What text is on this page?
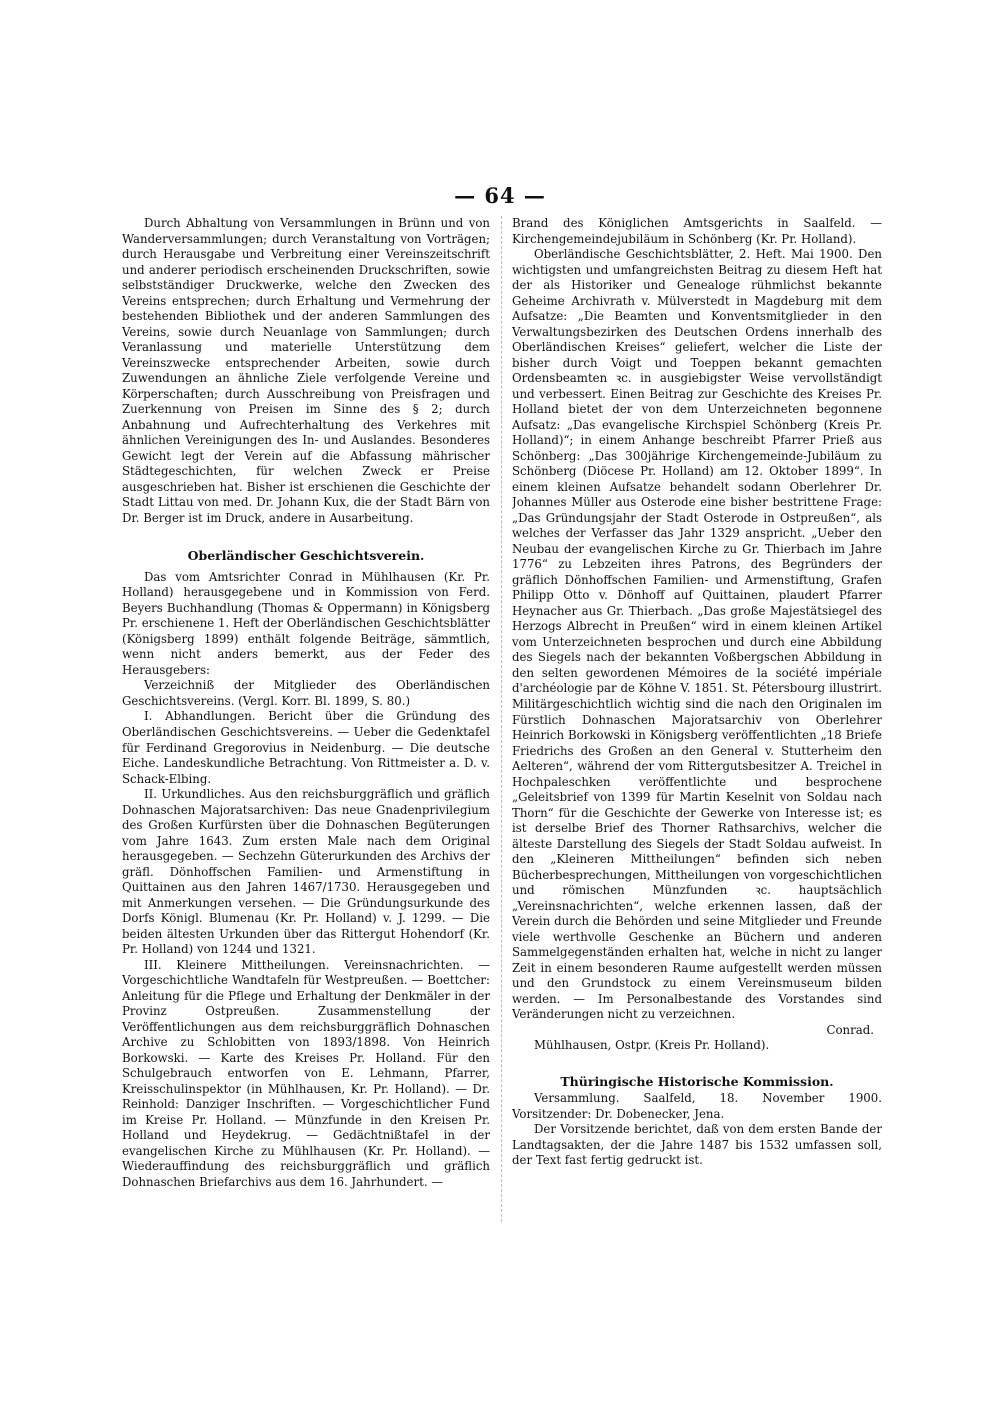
— 64 —

Durch Abhaltung von Versammlungen in Brünn und von Wanderversammlungen; durch Veranstaltung von Vorträgen; durch Herausgabe und Verbreitung einer Vereinszeitschrift und anderer periodisch erscheinenden Druckschriften, sowie selbstständiger Druckwerke, welche den Zwecken des Vereins entsprechen; durch Erhaltung und Vermehrung der bestehenden Bibliothek und der anderen Sammlungen des Vereins, sowie durch Neuanlage von Sammlungen; durch Veranlassung und materielle Unterstützung dem Vereinszwecke entsprechender Arbeiten, sowie durch Zuwendungen an ähnliche Ziele verfolgende Vereine und Körperschaften; durch Ausschreibung von Preisfragen und Zuerkennung von Preisen im Sinne des § 2; durch Anbahnung und Aufrechterhaltung des Verkehres mit ähnlichen Vereinigungen des In- und Auslandes. Besonderes Gewicht legt der Verein auf die Abfassung mährischer Städtegeschichten, für welchen Zweck er Preise ausgeschrieben hat. Bisher ist erschienen die Geschichte der Stadt Littau von med. Dr. Johann Kux, die der Stadt Bärn von Dr. Berger ist im Druck, andere in Ausarbeitung.

Oberländischer Geschichtsverein.

Das vom Amtsrichter Conrad in Mühlhausen (Kr. Pr. Holland) herausgegebene und in Kommission von Ferd. Beyers Buchhandlung (Thomas & Oppermann) in Königsberg Pr. erschienene 1. Heft der Oberländischen Geschichtsblätter (Königsberg 1899) enthält folgende Beiträge, sämmtlich, wenn nicht anders bemerkt, aus der Feder des Herausgebers:

Verzeichniß der Mitglieder des Oberländischen Geschichtsvereins. (Vergl. Korr. Bl. 1899, S. 80.)

I. Abhandlungen. Bericht über die Gründung des Oberländischen Geschichtsvereins. — Ueber die Gedenktafel für Ferdinand Gregorovius in Neidenburg. — Die deutsche Eiche. Landeskundliche Betrachtung. Von Rittmeister a. D. v. Schack-Elbing.

II. Urkundliches. Aus den reichsburggräflich und gräflich Dohnaschen Majoratsarchiven: Das neue Gnadenprivilegium des Großen Kurfürsten über die Dohnaschen Begüterungen vom Jahre 1643. Zum ersten Male nach dem Original herausgegeben. — Sechzehn Güterurkunden des Archivs der gräfl. Dönhoffschen Familien- und Armenstiftung in Quittainen aus den Jahren 1467/1730. Herausgegeben und mit Anmerkungen versehen. — Die Gründungsurkunde des Dorfs Königl. Blumenau (Kr. Pr. Holland) v. J. 1299. — Die beiden ältesten Urkunden über das Rittergut Hohendorf (Kr. Pr. Holland) von 1244 und 1321.

III. Kleinere Mittheilungen. Vereinsnachrichten. — Vorgeschichtliche Wandtafeln für Westpreußen. — Boettcher: Anleitung für die Pflege und Erhaltung der Denkmäler in der Provinz Ostpreußen. Zusammenstellung der Veröffentlichungen aus dem reichsburggräflich Dohnaschen Archive zu Schlobitten von 1893/1898. Von Heinrich Borkowski. — Karte des Kreises Pr. Holland. Für den Schulgebrauch entworfen von E. Lehmann, Pfarrer, Kreisschulinspektor (in Mühlhausen, Kr. Pr. Holland). — Dr. Reinhold: Danziger Inschriften. — Vorgeschichtlicher Fund im Kreise Pr. Holland. — Münzfunde in den Kreisen Pr. Holland und Heydekrug. — Gedächtnißtafel in der evangelischen Kirche zu Mühlhausen (Kr. Pr. Holland). — Wiederauffindung des reichsburggräflich und gräflich Dohnaschen Briefarchivs aus dem 16. Jahrhundert. —

Brand des Königlichen Amtsgerichts in Saalfeld. — Kirchengemeindejubiläum in Schönberg (Kr. Pr. Holland).

Oberländische Geschichtsblätter, 2. Heft. Mai 1900. Den wichtigsten und umfangreichsten Beitrag zu diesem Heft hat der als Historiker und Genealoge rühmlichst bekannte Geheime Archivrath v. Mülverstedt in Magdeburg mit dem Aufsatze: „Die Beamten und Konventsmitglieder in den Verwaltungsbezirken des Deutschen Ordens innerhalb des Oberländischen Kreises“ geliefert, welcher die Liste der bisher durch Voigt und Toeppen bekannt gemachten Ordensbeamten ꝛc. in ausgiebigster Weise vervollständigt und verbessert. Einen Beitrag zur Geschichte des Kreises Pr. Holland bietet der von dem Unterzeichneten begonnene Aufsatz: „Das evangelische Kirchspiel Schönberg (Kreis Pr. Holland)“; in einem Anhange beschreibt Pfarrer Prieß aus Schönberg: „Das 300jährige Kirchengemeinde-Jubiläum zu Schönberg (Diöcese Pr. Holland) am 12. Oktober 1899“. In einem kleinen Aufsatze behandelt sodann Oberlehrer Dr. Johannes Müller aus Osterode eine bisher bestrittene Frage: „Das Gründungsjahr der Stadt Osterode in Ostpreußen“, als welches der Verfasser das Jahr 1329 anspricht. „Ueber den Neubau der evangelischen Kirche zu Gr. Thierbach im Jahre 1776“ zu Lebzeiten ihres Patrons, des Begründers der gräflich Dönhoffschen Familien- und Armenstiftung, Grafen Philipp Otto v. Dönhoff auf Quittainen, plaudert Pfarrer Heynacher aus Gr. Thierbach. „Das große Majestätsiegel des Herzogs Albrecht in Preußen“ wird in einem kleinen Artikel vom Unterzeichneten besprochen und durch eine Abbildung des Siegels nach der bekannten Voßbergschen Abbildung in den selten gewordenen Mémoires de la société impériale d'archéologie par de Köhne V. 1851. St. Pétersbourg illustrirt. Militärgeschichtlich wichtig sind die nach den Originalen im Fürstlich Dohnaschen Majoratsarchiv von Oberlehrer Heinrich Borkowski in Königsberg veröffentlichten „18 Briefe Friedrichs des Großen an den General v. Stutterheim den Aelteren“, während der vom Rittergutsbesitzer A. Treichel in Hochpaleschken veröffentlichte und besprochene „Geleitsbrief von 1399 für Martin Keselnit von Soldau nach Thorn“ für die Geschichte der Gewerke von Interesse ist; es ist derselbe Brief des Thorner Rathsarchivs, welcher die älteste Darstellung des Siegels der Stadt Soldau aufweist. In den „Kleineren Mittheilungen“ befinden sich neben Bücherbesprechungen, Mittheilungen von vorgeschichtlichen und römischen Münzfunden ꝛc. hauptsächlich „Vereinsnachrichten“, welche erkennen lassen, daß der Verein durch die Behörden und seine Mitglieder und Freunde viele werthvolle Geschenke an Büchern und anderen Sammelgegenständen erhalten hat, welche in nicht zu langer Zeit in einem besonderen Raume aufgestellt werden müssen und den Grundstock zu einem Vereinsmuseum bilden werden. — Im Personalbestande des Vorstandes sind Veränderungen nicht zu verzeichnen.

Conrad.

Mühlhausen, Ostpr. (Kreis Pr. Holland).

Thüringische Historische Kommission.

Versammlung. Saalfeld, 18. November 1900. Vorsitzender: Dr. Dobenecker, Jena.

Der Vorsitzende berichtet, daß von dem ersten Bande der Landtagsakten, der die Jahre 1487 bis 1532 umfassen soll, der Text fast fertig gedruckt ist.
